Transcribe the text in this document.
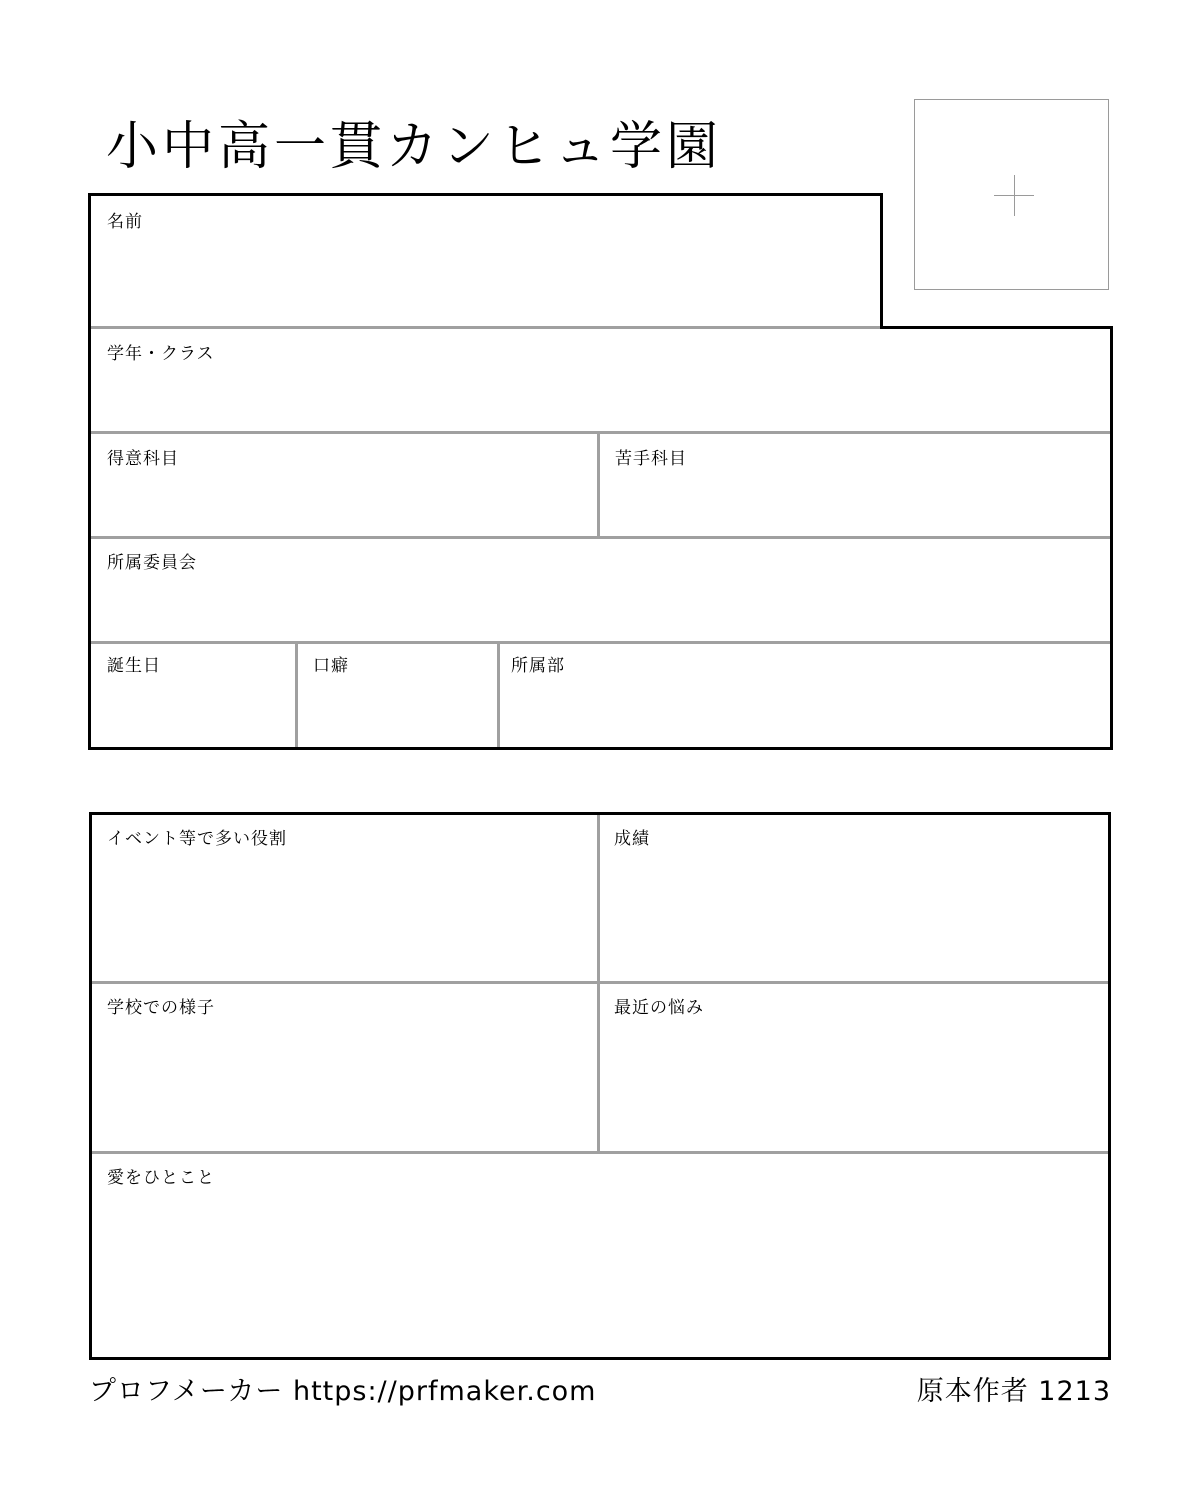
小中高一貫カンヒュ学園
名前
学年・クラス
得意科目	苦手科目
所属委員会
誕生日	口癖	所属部
イベント等で多い役割	成績
学校での様子	最近の悩み
愛をひとこと
プロフメーカー https://prfmaker.com	原本作者 1213
